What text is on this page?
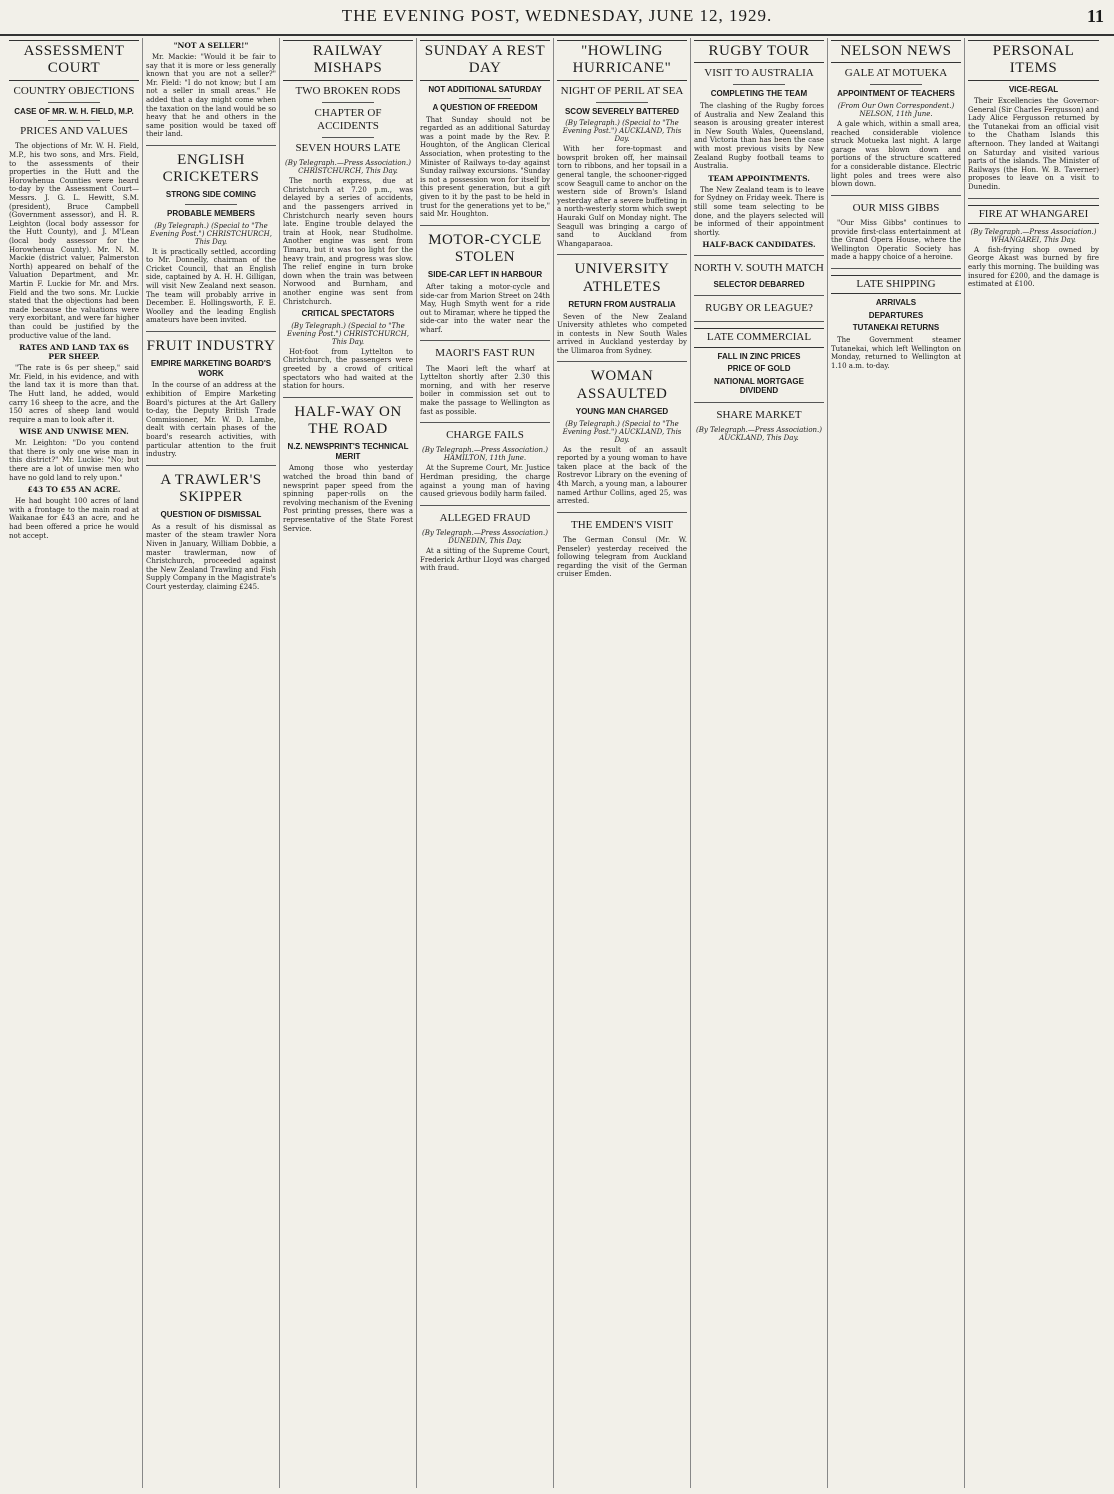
THE EVENING POST, WEDNESDAY, JUNE 12, 1929.	11
ASSESSMENT COURT
COUNTRY OBJECTIONS
CASE OF MR. W. H. FIELD, M.P.
PRICES AND VALUES

The objections of Mr. W. H. Field, M.P., his two sons, and Mrs. Field, to the assessments of their properties in the Hutt and the Horowhenua Counties were heard to-day by the Assessment Court—Messrs. J. G. L. Hewitt, S.M. (president), Bruce Campbell (Government assessor), and H. R. Leighton (local body assessor for the Hutt County), and J. M'Lean (local body assessor for the Horowhenua County). Mr. N. M. Mackie (district valuer, Palmerston North) appeared on behalf of the Valuation Department, and Mr. Martin F. Luckie for Mr. and Mrs. Field and the two sons. Mr. Luckie stated that the objections had been made because the valuations were very exorbitant, and were far higher than could be justified by the productive value of the land.

RATES AND LAND TAX 6S PER SHEEP.

"The rate is 6s per sheep," said Mr. Field, in his evidence, and with the land tax it is more than that. The Hutt land, he added, would carry 16 sheep to the acre, and the 150 acres of sheep land would require a man to look after it.

WISE AND UNWISE MEN.

Mr. Leighton: "Do you contend that there is only one wise man in this district?" Mr. Luckie: "No; but there are a lot of unwise men who have no gold land to rely upon."

£43 TO £55 AN ACRE.

He had bought 100 acres of land with a frontage to the main road at Waikanae for £43 an acre, and he had been offered a price he would not accept.

"NOT A SELLER!"

Mr. Mackie: "Would it be fair to say that it is more or less generally known that you are not a seller?" Mr. Field: "I do not know; but I am not a seller in small areas." He added that a day might come when the taxation on the land would be so heavy that he and others in the same position would be taxed off their land.

ENGLISH CRICKETERS
STRONG SIDE COMING
PROBABLE MEMBERS
(By Telegraph.) (Special to "The Evening Post.") CHRISTCHURCH, This Day.

It is practically settled, according to Mr. Donnelly, chairman of the Cricket Council, that an English side, captained by A. H. H. Gilligan, will visit New Zealand next season. The team will probably arrive in December. E. Hollingsworth, F. E. Woolley and the leading English amateurs have been invited.

FRUIT INDUSTRY
EMPIRE MARKETING BOARD'S WORK

In the course of an address at the exhibition of Empire Marketing Board's pictures at the Art Gallery to-day, the Deputy British Trade Commissioner, Mr. W. D. Lambe, dealt with certain phases of the board's research activities, with particular attention to the fruit industry.

A TRAWLER'S SKIPPER
QUESTION OF DISMISSAL

As a result of his dismissal as master of the steam trawler Nora Niven in January, William Dobbie, a master trawlerman, now of Christchurch, proceeded against the New Zealand Trawling and Fish Supply Company in the Magistrate's Court yesterday, claiming £245.

RAILWAY MISHAPS
TWO BROKEN RODS
CHAPTER OF ACCIDENTS
SEVEN HOURS LATE
(By Telegraph.—Press Association.) CHRISTCHURCH, This Day.

The north express, due at Christchurch at 7.20 p.m., was delayed by a series of accidents, and the passengers arrived in Christchurch nearly seven hours late. Engine trouble delayed the train at Hook, near Studholme. Another engine was sent from Timaru, but it was too light for the heavy train, and progress was slow. The relief engine in turn broke down when the train was between Norwood and Burnham, and another engine was sent from Christchurch.

CRITICAL SPECTATORS
(By Telegraph.) (Special to "The Evening Post.") CHRISTCHURCH, This Day.

Hot-foot from Lyttelton to Christchurch, the passengers were greeted by a crowd of critical spectators who had waited at the station for hours.

HALF-WAY ON THE ROAD
N.Z. NEWSPRINT'S TECHNICAL MERIT

Among those who yesterday watched the broad thin band of newsprint paper speed from the spinning paper-rolls on the revolving mechanism of the Evening Post printing presses, there was a representative of the State Forest Service.

SUNDAY A REST DAY
NOT ADDITIONAL SATURDAY
A QUESTION OF FREEDOM

That Sunday should not be regarded as an additional Saturday was a point made by the Rev. P. Houghton, of the Anglican Clerical Association, when protesting to the Minister of Railways to-day against Sunday railway excursions. "Sunday is not a possession won for itself by this present generation, but a gift given to it by the past to be held in trust for the generations yet to be," said Mr. Houghton.

MOTOR-CYCLE STOLEN
SIDE-CAR LEFT IN HARBOUR

After taking a motor-cycle and side-car from Marion Street on 24th May, Hugh Smyth went for a ride out to Miramar, where he tipped the side-car into the water near the wharf.

MAORI'S FAST RUN

The Maori left the wharf at Lyttelton shortly after 2.30 this morning, and with her reserve boiler in commission set out to make the passage to Wellington as fast as possible.

CHARGE FAILS
(By Telegraph.—Press Association.) HAMILTON, 11th June.

At the Supreme Court, Mr. Justice Herdman presiding, the charge against a young man of having caused grievous bodily harm failed.

ALLEGED FRAUD
(By Telegraph.—Press Association.) DUNEDIN, This Day.

At a sitting of the Supreme Court, Frederick Arthur Lloyd was charged with fraud.

"HOWLING HURRICANE"
NIGHT OF PERIL AT SEA
SCOW SEVERELY BATTERED
(By Telegraph.) (Special to "The Evening Post.") AUCKLAND, This Day.

With her fore-topmast and bowsprit broken off, her mainsail torn to ribbons, and her topsail in a general tangle, the schooner-rigged scow Seagull came to anchor on the western side of Brown's Island yesterday after a severe buffeting in a north-westerly storm which swept Hauraki Gulf on Monday night. The Seagull was bringing a cargo of sand to Auckland from Whangaparaoa.

UNIVERSITY ATHLETES
RETURN FROM AUSTRALIA

Seven of the New Zealand University athletes who competed in contests in New South Wales arrived in Auckland yesterday by the Ulimaroa from Sydney.

WOMAN ASSAULTED
YOUNG MAN CHARGED
(By Telegraph.) (Special to "The Evening Post.") AUCKLAND, This Day.

As the result of an assault reported by a young woman to have taken place at the back of the Rostrevor Library on the evening of 4th March, a young man, a labourer named Arthur Collins, aged 25, was arrested.

THE EMDEN'S VISIT

The German Consul (Mr. W. Penseler) yesterday received the following telegram from Auckland regarding the visit of the German cruiser Emden.

RUGBY TOUR
VISIT TO AUSTRALIA
COMPLETING THE TEAM

The clashing of the Rugby forces of Australia and New Zealand this season is arousing greater interest in New South Wales, Queensland, and Victoria than has been the case with most previous visits by New Zealand Rugby football teams to Australia.

TEAM APPOINTMENTS.

The New Zealand team is to leave for Sydney on Friday week. There is still some team selecting to be done, and the players selected will be informed of their appointment shortly.

HALF-BACK CANDIDATES.
NORTH V. SOUTH MATCH
SELECTOR DEBARRED
RUGBY OR LEAGUE?
LATE COMMERCIAL
FALL IN ZINC PRICES
PRICE OF GOLD
NATIONAL MORTGAGE DIVIDEND
SHARE MARKET
(By Telegraph.—Press Association.) AUCKLAND, This Day.
NELSON NEWS
GALE AT MOTUEKA
APPOINTMENT OF TEACHERS
(From Our Own Correspondent.) NELSON, 11th June.

A gale which, within a small area, reached considerable violence struck Motueka last night. A large garage was blown down and portions of the structure scattered for a considerable distance. Electric light poles and trees were also blown down.

OUR MISS GIBBS

"Our Miss Gibbs" continues to provide first-class entertainment at the Grand Opera House, where the Wellington Operatic Society has made a happy choice of a heroine.

LATE SHIPPING
ARRIVALS
DEPARTURES
TUTANEKAI RETURNS

The Government steamer Tutanekai, which left Wellington on Monday, returned to Wellington at 1.10 a.m. to-day.

PERSONAL ITEMS
VICE-REGAL

Their Excellencies the Governor-General (Sir Charles Fergusson) and Lady Alice Fergusson returned by the Tutanekai from an official visit to the Chatham Islands this afternoon. They landed at Waitangi on Saturday and visited various parts of the islands. The Minister of Railways (the Hon. W. B. Taverner) proposes to leave on a visit to Dunedin.

FIRE AT WHANGAREI
(By Telegraph.—Press Association.) WHANGAREI, This Day.

A fish-frying shop owned by George Akast was burned by fire early this morning. The building was insured for £200, and the damage is estimated at £100.
